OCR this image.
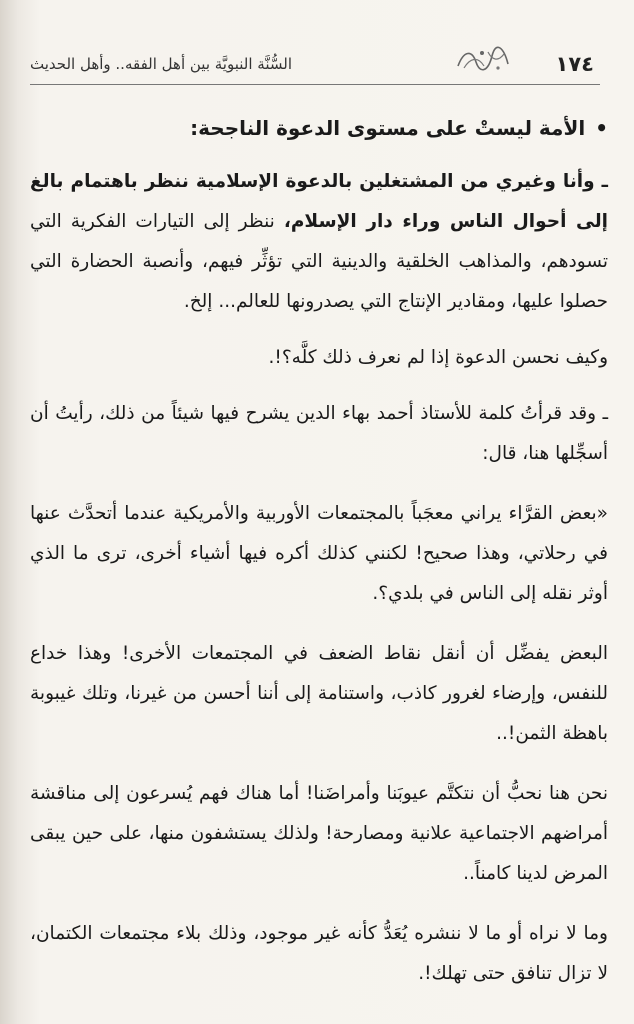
١٧٤
السُّنَّة النبويَّة بين أهل الفقه.. وأهل الحديث
•الأمة ليستْ على مستوى الدعوة الناجحة:

ـ وأنا وغيري من المشتغلين بالدعوة الإسلامية ننظر باهتمام بالغ إلى أحوال الناس وراء دار الإسلام، ننظر إلى التيارات الفكرية التي تسودهم، والمذاهب الخلقية والدينية التي تؤثِّر فيهم، وأنصبة الحضارة التي حصلوا عليها، ومقادير الإنتاج التي يصدرونها للعالم... إلخ.

وكيف نحسن الدعوة إذا لم نعرف ذلك كلَّه؟!.

ـ وقد قرأتُ كلمة للأستاذ أحمد بهاء الدين يشرح فيها شيئاً من ذلك، رأيتُ أن أسجِّلها هنا، قال:

«بعض القرَّاء يراني معجَباً بالمجتمعات الأوربية والأمريكية عندما أتحدَّث عنها في رحلاتي، وهذا صحيح! لكنني كذلك أكره فيها أشياء أخرى، ترى ما الذي أوثر نقله إلى الناس في بلدي؟.

البعض يفضِّل أن أنقل نقاط الضعف في المجتمعات الأخرى! وهذا خداع للنفس، وإرضاء لغرور كاذب، واستنامة إلى أننا أحسن من غيرنا، وتلك غيبوبة باهظة الثمن!..

نحن هنا نحبُّ أن نتكتَّم عيوبَنا وأمراضَنا! أما هناك فهم يُسرعون إلى مناقشة أمراضهم الاجتماعية علانية ومصارحة! ولذلك يستشفون منها، على حين يبقى المرض لدينا كامناً..

وما لا نراه أو ما لا ننشره يُعَدُّ كأنه غير موجود، وذلك بلاء مجتمعات الكتمان، لا تزال تنافق حتى تهلك!.
